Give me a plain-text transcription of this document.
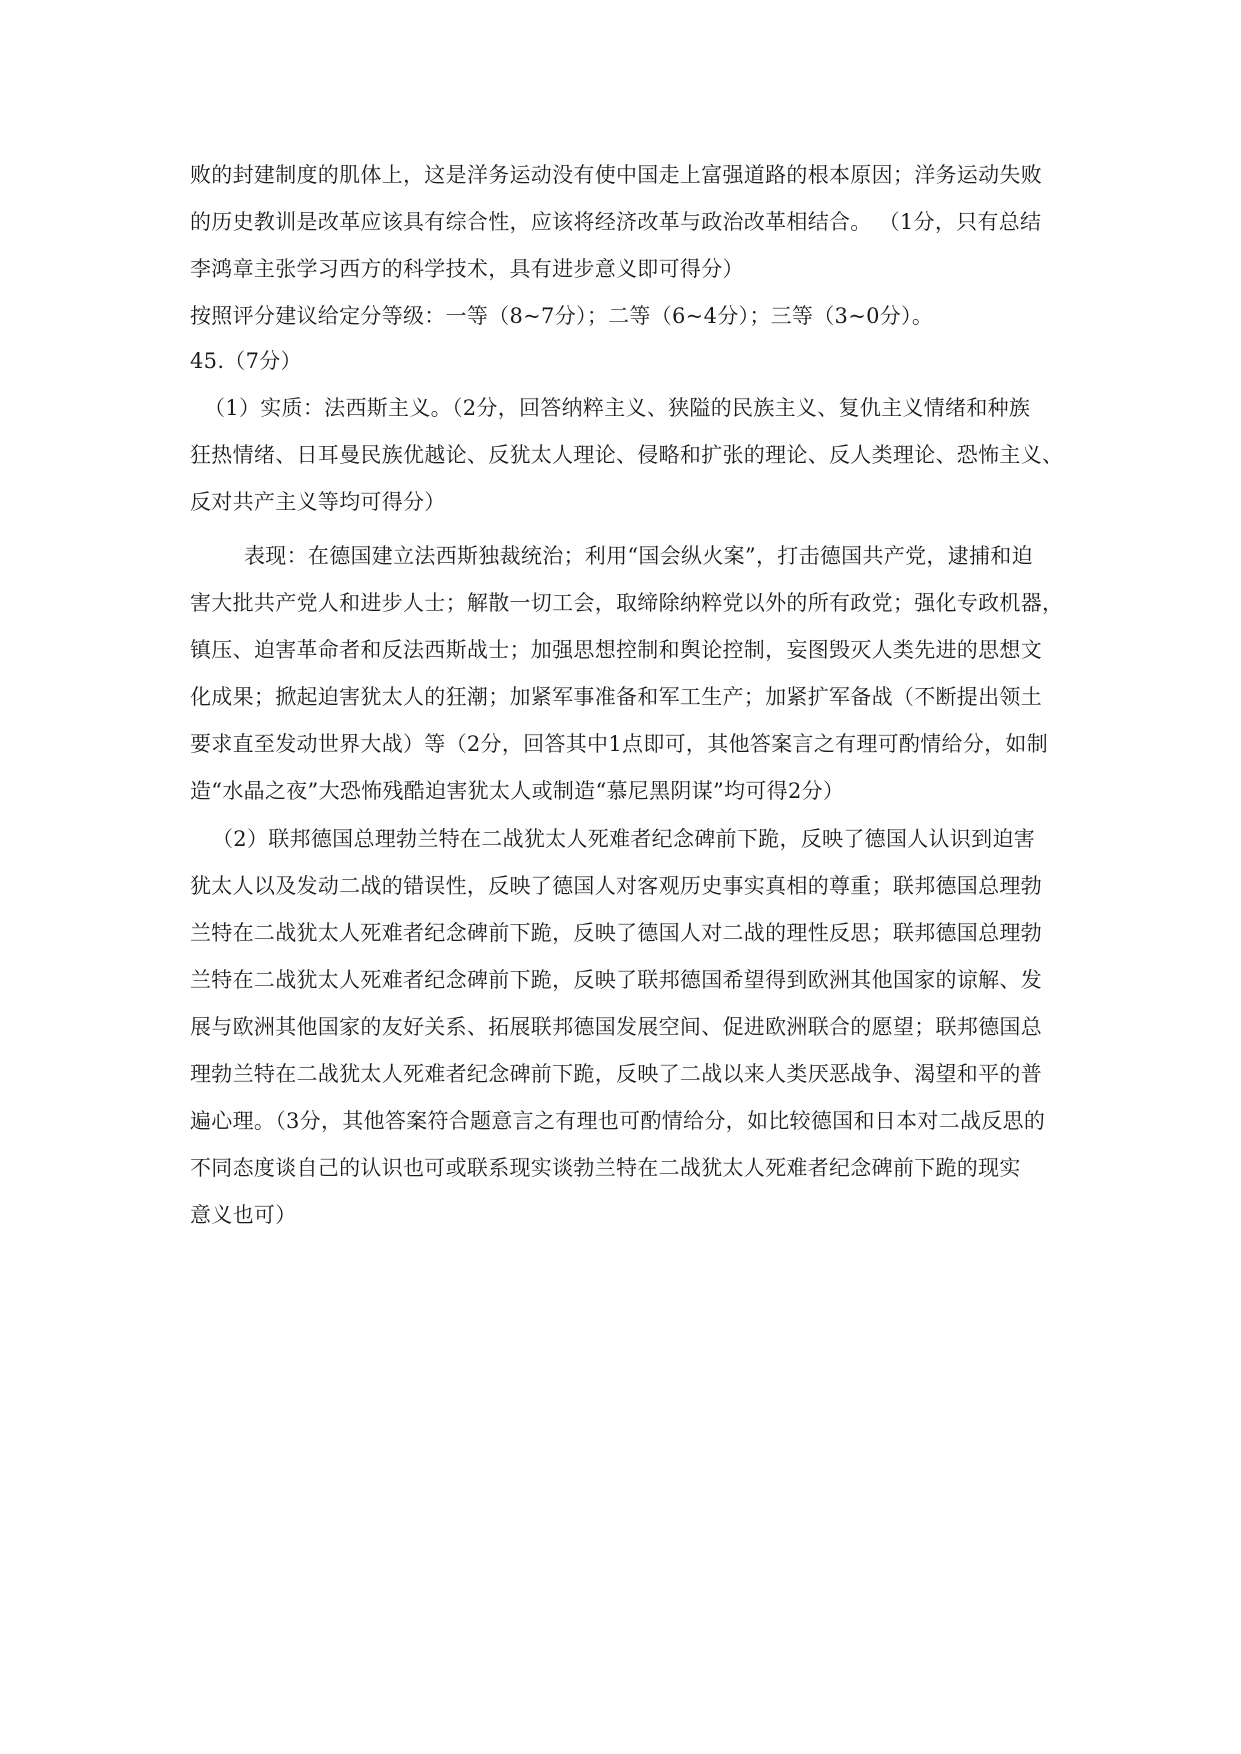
败的封建制度的肌体上，这是洋务运动没有使中国走上富强道路的根本原因；洋务运动失败
的历史教训是改革应该具有综合性，应该将经济改革与政治改革相结合。 （1分，只有总结
李鸿章主张学习西方的科学技术，具有进步意义即可得分）
按照评分建议给定分等级：一等（8~7分）；二等（6~4分）；三等（3~0分）。
45.（7分）
（1）实质：法西斯主义。（2分，回答纳粹主义、狭隘的民族主义、复仇主义情绪和种族
狂热情绪、日耳曼民族优越论、反犹太人理论、侵略和扩张的理论、反人类理论、恐怖主义、
反对共产主义等均可得分）
表现：在德国建立法西斯独裁统治；利用“国会纵火案”，打击德国共产党，逮捕和迫
害大批共产党人和进步人士；解散一切工会，取缔除纳粹党以外的所有政党；强化专政机器，
镇压、迫害革命者和反法西斯战士；加强思想控制和舆论控制，妄图毁灭人类先进的思想文
化成果；掀起迫害犹太人的狂潮；加紧军事准备和军工生产；加紧扩军备战（不断提出领土
要求直至发动世界大战）等（2分，回答其中1点即可，其他答案言之有理可酌情给分，如制
造“水晶之夜”大恐怖残酷迫害犹太人或制造“慕尼黑阴谋”均可得2分）
（2）联邦德国总理勃兰特在二战犹太人死难者纪念碑前下跪，反映了德国人认识到迫害
犹太人以及发动二战的错误性，反映了德国人对客观历史事实真相的尊重；联邦德国总理勃
兰特在二战犹太人死难者纪念碑前下跪，反映了德国人对二战的理性反思；联邦德国总理勃
兰特在二战犹太人死难者纪念碑前下跪，反映了联邦德国希望得到欧洲其他国家的谅解、发
展与欧洲其他国家的友好关系、拓展联邦德国发展空间、促进欧洲联合的愿望；联邦德国总
理勃兰特在二战犹太人死难者纪念碑前下跪，反映了二战以来人类厌恶战争、渴望和平的普
遍心理。（3分，其他答案符合题意言之有理也可酌情给分，如比较德国和日本对二战反思的
不同态度谈自己的认识也可或联系现实谈勃兰特在二战犹太人死难者纪念碑前下跪的现实
意义也可）
